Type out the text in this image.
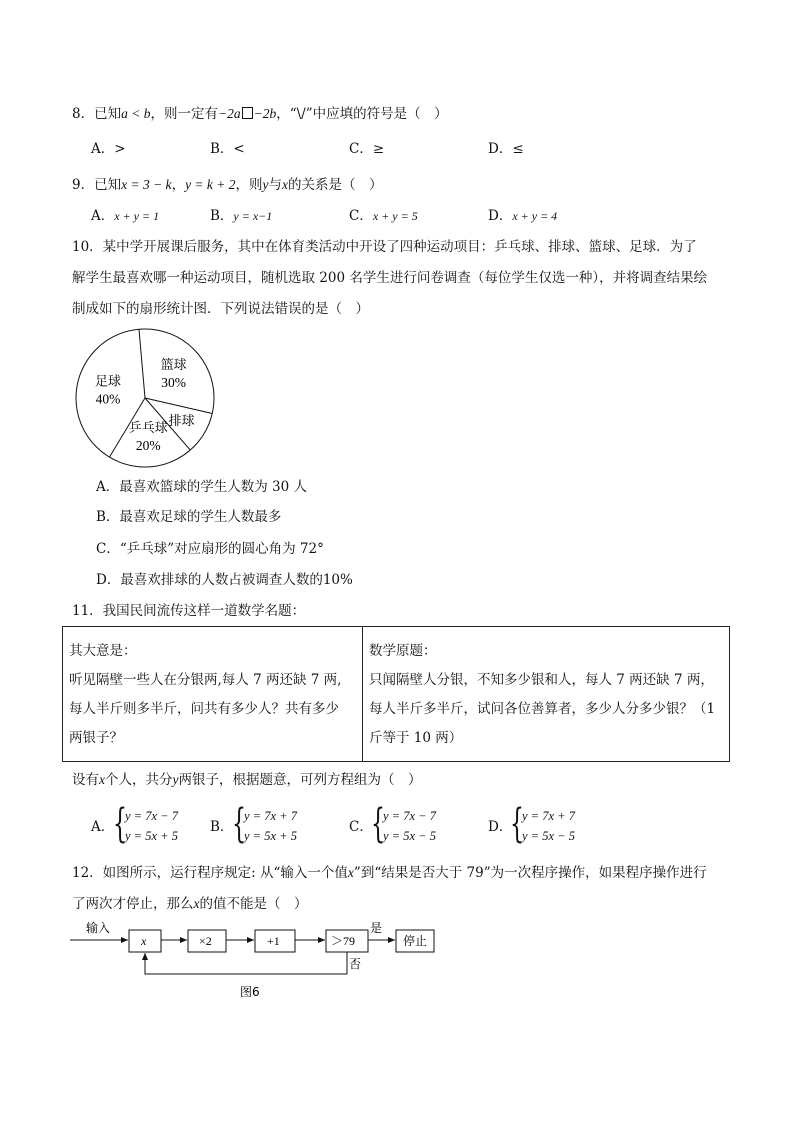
8．已知a < b，则一定有−2a −2b，“\/”中应填的符号是（　）
A．>	B．<	C．≥	D．≤
9．已知x = 3 − k，y = k + 2，则y与x的关系是（　）
A．x + y = 1	B．y = x−1	C．x + y = 5	D．x + y = 4
10．某中学开展课后服务，其中在体育类活动中开设了四种运动项目：乒乓球、排球、篮球、足球．为了
解学生最喜欢哪一种运动项目，随机选取 200 名学生进行问卷调查（每位学生仅选一种），并将调查结果绘
制成如下的扇形统计图．下列说法错误的是（　）
篮球
30%
排球
乒乓球
20%
足球
40%
A．最喜欢篮球的学生人数为 30 人
B．最喜欢足球的学生人数最多
C．“乒乓球”对应扇形的圆心角为 72°
D．最喜欢排球的人数占被调查人数的10%
11．我国民间流传这样一道数学名题：
其大意是：
听见隔壁一些人在分银两,每人 7 两还缺 7 两,
每人半斤则多半斤，问共有多少人？共有多少
两银子？

数学原题：
只闻隔壁人分银，不知多少银和人，每人 7 两还缺 7 两，
每人半斤多半斤，试问各位善算者，多少人分多少银？（1
斤等于 10 两）
设有x个人，共分y两银子，根据题意，可列方程组为（　）
A．
{
y = 7x − 7
y = 5x + 5
B．
{
y = 7x + 7
y = 5x + 5
C．
{
y = 7x − 7
y = 5x − 5
D．
{
y = 7x + 7
y = 5x − 5
12．如图所示，运行程序规定: 从“输入一个值x”到“结果是否大于 79”为一次程序操作，如果程序操作进行
了两次才停止，那么x的值不能是（　）
输入
x	×2	+1	＞79
是
停止
否
图6
